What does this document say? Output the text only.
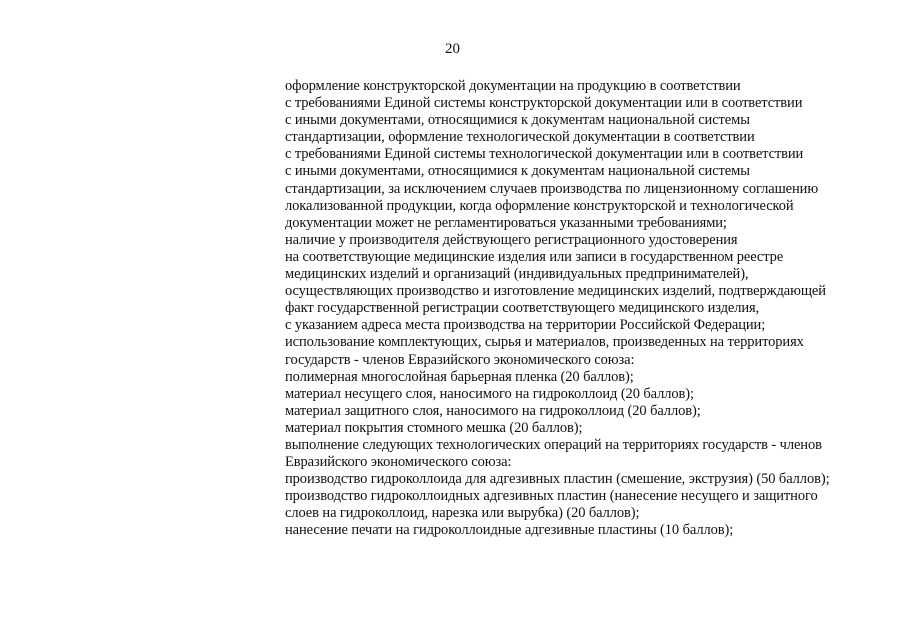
20
оформление конструкторской документации на продукцию в соответствии
с требованиями Единой системы конструкторской документации или в соответствии
с иными документами, относящимися к документам национальной системы
стандартизации, оформление технологической документации в соответствии
с требованиями Единой системы технологической документации или в соответствии
с иными документами, относящимися к документам национальной системы
стандартизации, за исключением случаев производства по лицензионному соглашению
локализованной продукции, когда оформление конструкторской и технологической
документации может не регламентироваться указанными требованиями;
наличие у производителя действующего регистрационного удостоверения
на соответствующие медицинские изделия или записи в государственном реестре
медицинских изделий и организаций (индивидуальных предпринимателей),
осуществляющих производство и изготовление медицинских изделий, подтверждающей
факт государственной регистрации соответствующего медицинского изделия,
с указанием адреса места производства на территории Российской Федерации;
использование комплектующих, сырья и материалов, произведенных на территориях
государств - членов Евразийского экономического союза:
полимерная многослойная барьерная пленка (20 баллов);
материал несущего слоя, наносимого на гидроколлоид (20 баллов);
материал защитного слоя, наносимого на гидроколлоид (20 баллов);
материал покрытия стомного мешка (20 баллов);
выполнение следующих технологических операций на территориях государств - членов
Евразийского экономического союза:
производство гидроколлоида для адгезивных пластин (смешение, экструзия) (50 баллов);
производство гидроколлоидных адгезивных пластин (нанесение несущего и защитного
слоев на гидроколлоид, нарезка или вырубка) (20 баллов);
нанесение печати на гидроколлоидные адгезивные пластины (10 баллов);
